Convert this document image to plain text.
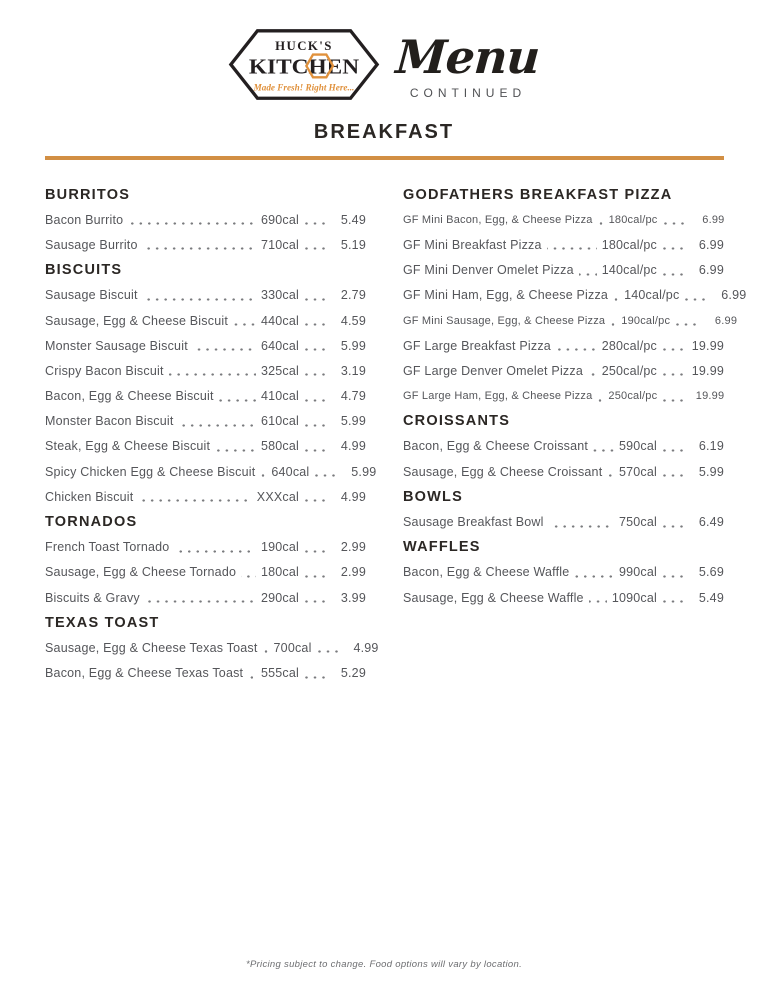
HUCK'S
KITCHEN
Made Fresh! Right Here...
Menu
CONTINUED
BREAKFAST
BURRITOS
Bacon Burrito	690cal	5.49
Sausage Burrito	710cal	5.19
BISCUITS
Sausage Biscuit	330cal	2.79
Sausage, Egg & Cheese Biscuit	440cal	4.59
Monster Sausage Biscuit	640cal	5.99
Crispy Bacon Biscuit	325cal	3.19
Bacon, Egg & Cheese Biscuit	410cal	4.79
Monster Bacon Biscuit	610cal	5.99
Steak, Egg & Cheese Biscuit	580cal	4.99
Spicy Chicken Egg & Cheese Biscuit 640cal	5.99
Chicken Biscuit	XXXcal	4.99
TORNADOS
French Toast Tornado	190cal	2.99
Sausage, Egg & Cheese Tornado 180cal	2.99
Biscuits & Gravy	290cal	3.99
TEXAS TOAST
Sausage, Egg & Cheese Texas Toast 700cal	4.99
Bacon, Egg & Cheese Texas Toast 555cal	5.29
GODFATHERS BREAKFAST PIZZA
GF Mini Bacon, Egg, & Cheese Pizza 180cal/pc	6.99
GF Mini Breakfast Pizza	180cal/pc	6.99
GF Mini Denver Omelet Pizza 140cal/pc	6.99
GF Mini Ham, Egg, & Cheese Pizza 140cal/pc	6.99
GF Mini Sausage, Egg, & Cheese Pizza 190cal/pc	6.99
GF Large Breakfast Pizza	280cal/pc	19.99
GF Large Denver Omelet Pizza 250cal/pc	19.99
GF Large Ham, Egg, & Cheese Pizza 250cal/pc	19.99
CROISSANTS
Bacon, Egg & Cheese Croissant 590cal	6.19
Sausage, Egg & Cheese Croissant 570cal	5.99
BOWLS
Sausage Breakfast Bowl	750cal	6.49
WAFFLES
Bacon, Egg & Cheese Waffle	990cal	5.69
Sausage, Egg & Cheese Waffle 1090cal	5.49
*Pricing subject to change. Food options will vary by location.
